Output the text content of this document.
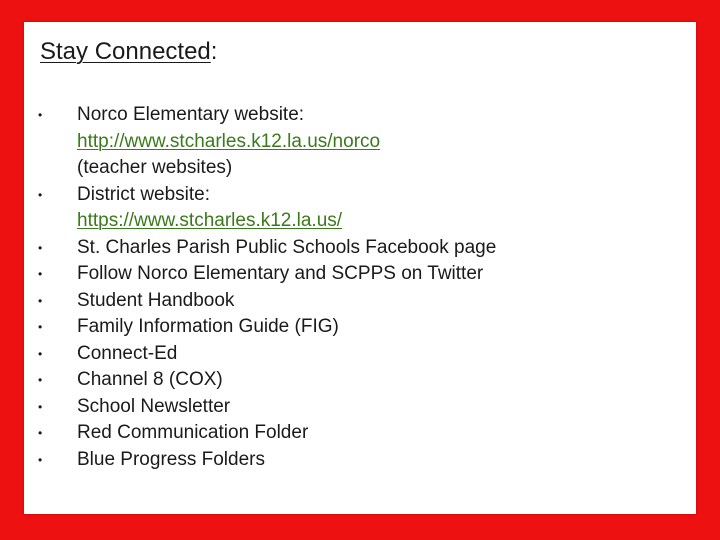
Stay Connected:
•	Norco Elementary website:
http://www.stcharles.k12.la.us/norco
(teacher websites)
•	District website:
https://www.stcharles.k12.la.us/
•	St. Charles Parish Public Schools Facebook page
•	Follow Norco Elementary and SCPPS on Twitter
•	Student Handbook
•	Family Information Guide (FIG)
•	Connect-Ed
•	Channel 8 (COX)
•	School Newsletter
•	Red Communication Folder
•	Blue Progress Folders
